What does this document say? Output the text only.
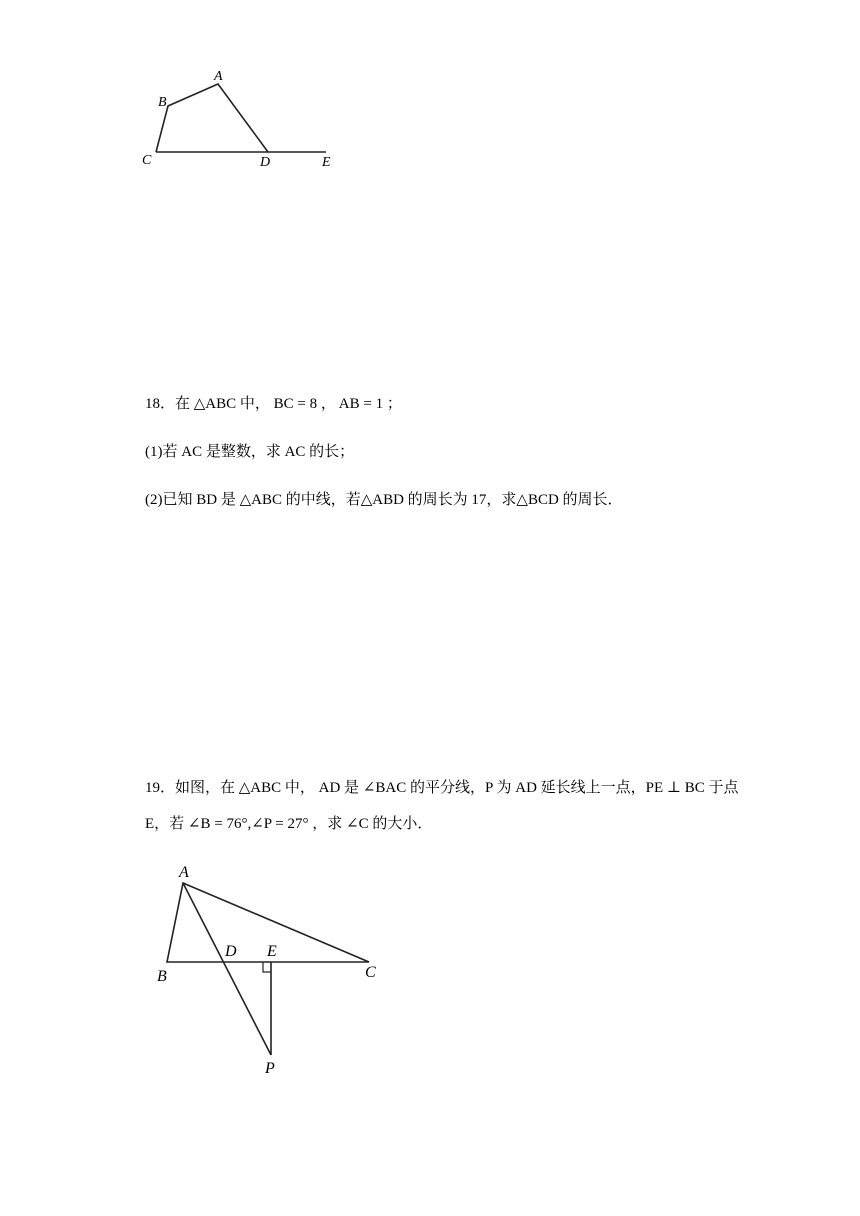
A
B
C	D	E
18．在 △ABC 中， BC = 8 ， AB = 1 ；
(1)若 AC 是整数，求 AC 的长；
(2)已知 BD 是 △ABC 的中线，若△ABD 的周长为 17，求△BCD 的周长．
19．如图，在 △ABC 中， AD 是 ∠BAC 的平分线，P 为 AD 延长线上一点，PE ⊥ BC 于点
E，若 ∠B = 76°,∠P = 27° ，求 ∠C 的大小．
A
B	C
D E
P
